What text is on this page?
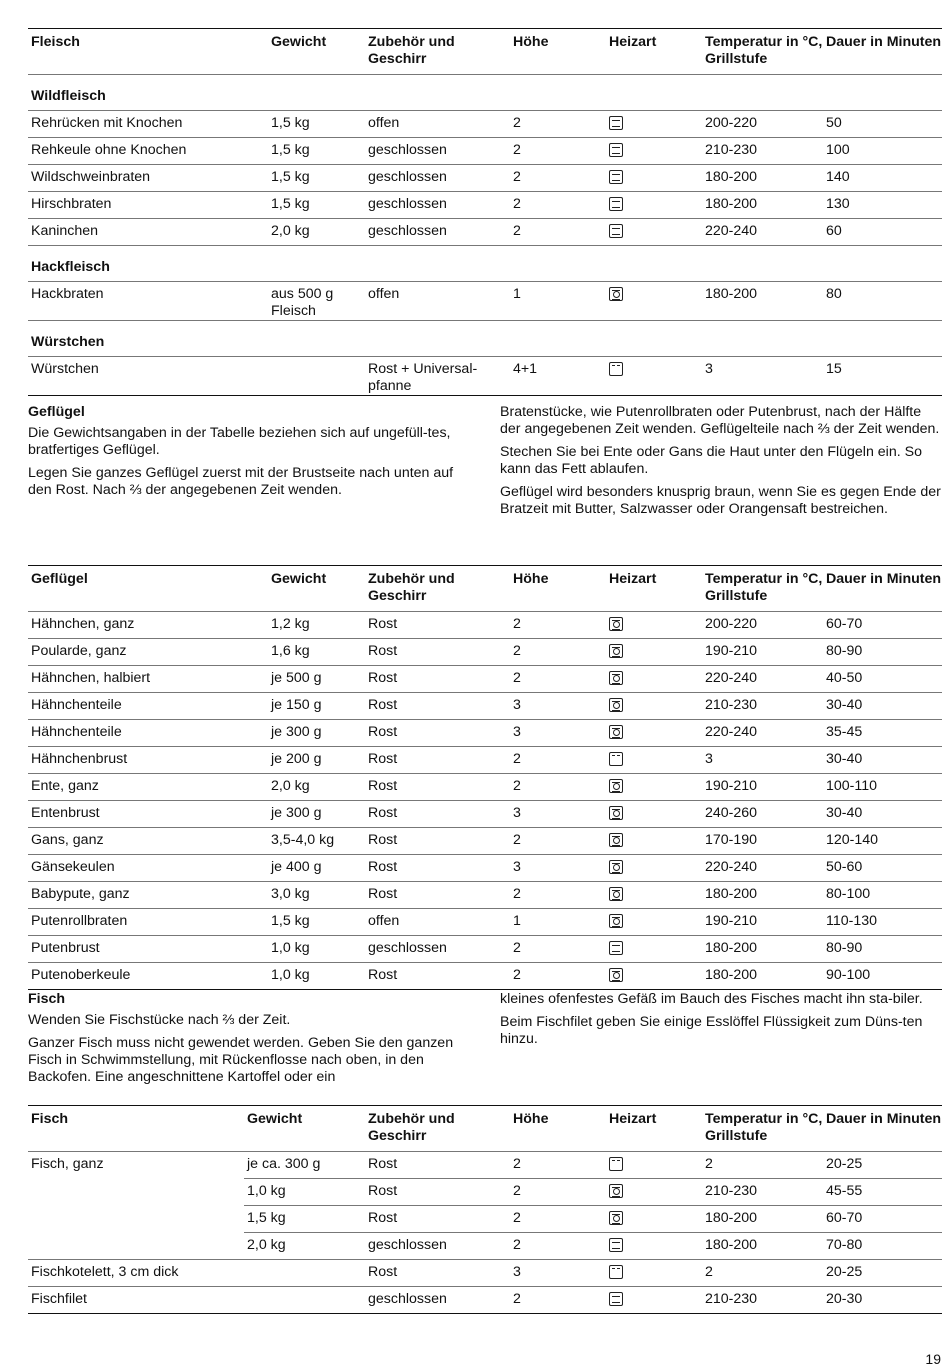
Fleisch	Gewicht	Zubehör und Geschirr	Höhe	Heizart	Temperatur in °C, Grillstufe	Dauer in Minuten
Wildfleisch						
Rehrücken mit Knochen	1,5 kg	offen	2		200-220	50
Rehkeule ohne Knochen	1,5 kg	geschlossen	2		210-230	100
Wildschweinbraten	1,5 kg	geschlossen	2		180-200	140
Hirschbraten	1,5 kg	geschlossen	2		180-200	130
Kaninchen	2,0 kg	geschlossen	2		220-240	60
Hackfleisch						
Hackbraten	aus 500 g Fleisch	offen	1		180-200	80
Würstchen						
Würstchen		Rost + Universal-pfanne	4+1		3	15
Geflügel

Die Gewichtsangaben in der Tabelle beziehen sich auf ungefüll-tes, bratfertiges Geflügel.

Legen Sie ganzes Geflügel zuerst mit der Brustseite nach unten auf den Rost. Nach ⅔ der angegebenen Zeit wenden.

Bratenstücke, wie Putenrollbraten oder Putenbrust, nach der Hälfte der angegebenen Zeit wenden. Geflügelteile nach ⅔ der Zeit wenden.

Stechen Sie bei Ente oder Gans die Haut unter den Flügeln ein. So kann das Fett ablaufen.

Geflügel wird besonders knusprig braun, wenn Sie es gegen Ende der Bratzeit mit Butter, Salzwasser oder Orangensaft bestreichen.

Geflügel	Gewicht	Zubehör und Geschirr	Höhe	Heizart	Temperatur in °C, Grillstufe	Dauer in Minuten
Hähnchen, ganz	1,2 kg	Rost	2		200-220	60-70
Poularde, ganz	1,6 kg	Rost	2		190-210	80-90
Hähnchen, halbiert	je 500 g	Rost	2		220-240	40-50
Hähnchenteile	je 150 g	Rost	3		210-230	30-40
Hähnchenteile	je 300 g	Rost	3		220-240	35-45
Hähnchenbrust	je 200 g	Rost	2		3	30-40
Ente, ganz	2,0 kg	Rost	2		190-210	100-110
Entenbrust	je 300 g	Rost	3		240-260	30-40
Gans, ganz	3,5-4,0 kg	Rost	2		170-190	120-140
Gänsekeulen	je 400 g	Rost	3		220-240	50-60
Babypute, ganz	3,0 kg	Rost	2		180-200	80-100
Putenrollbraten	1,5 kg	offen	1		190-210	110-130
Putenbrust	1,0 kg	geschlossen	2		180-200	80-90
Putenoberkeule	1,0 kg	Rost	2		180-200	90-100
Fisch

Wenden Sie Fischstücke nach ⅔ der Zeit.

Ganzer Fisch muss nicht gewendet werden. Geben Sie den ganzen Fisch in Schwimmstellung, mit Rückenflosse nach oben, in den Backofen. Eine angeschnittene Kartoffel oder ein

kleines ofenfestes Gefäß im Bauch des Fisches macht ihn sta-biler.

Beim Fischfilet geben Sie einige Esslöffel Flüssigkeit zum Düns-ten hinzu.

Fisch	Gewicht	Zubehör und Geschirr	Höhe	Heizart	Temperatur in °C, Grillstufe	Dauer in Minuten
Fisch, ganz	je ca. 300 g	Rost	2		2	20-25
	1,0 kg	Rost	2		210-230	45-55
	1,5 kg	Rost	2		180-200	60-70
	2,0 kg	geschlossen	2		180-200	70-80
Fischkotelett, 3 cm dick		Rost	3		2	20-25
Fischfilet		geschlossen	2		210-230	20-30
19
